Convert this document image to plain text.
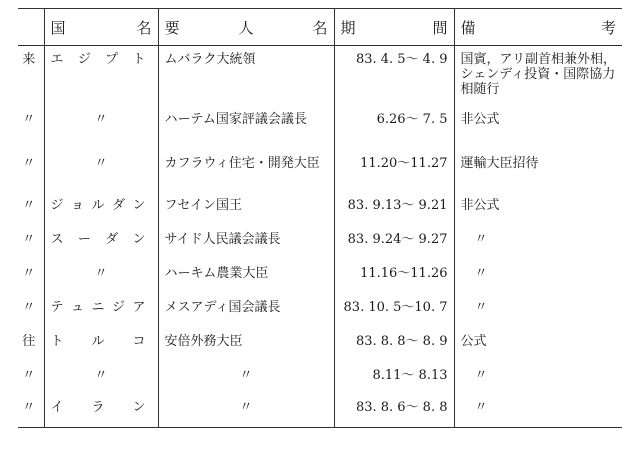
	国 名	要 人 名	期 間	備 考

来	エ ジ プ ト	ムバラク大統領	83. 4. 5～ 4. 9	国賓，アリ副首相兼外相，シェンディ投資・国際協力相随行
〃	〃	ハーテム国家評議会議長	6.26～ 7. 5	非公式
〃	〃	カフラウィ住宅・開発大臣	11.20～11.27	運輸大臣招待
〃	ジ ョ ル ダ ン	フセイン国王	83. 9.13～ 9.21	非公式
〃	ス ー ダ ン	サイド人民議会議長	83. 9.24～ 9.27	〃
〃	〃	ハーキム農業大臣	11.16～11.26	〃
〃	テ ュ ニ ジ ア	メスアディ国会議長	83. 10. 5～10. 7	〃
往	ト ル コ	安倍外務大臣	83. 8. 8～ 8. 9	公式
〃	〃	〃	8.11～ 8.13	〃
〃	イ ラ ン	〃	83. 8. 6～ 8. 8	〃
